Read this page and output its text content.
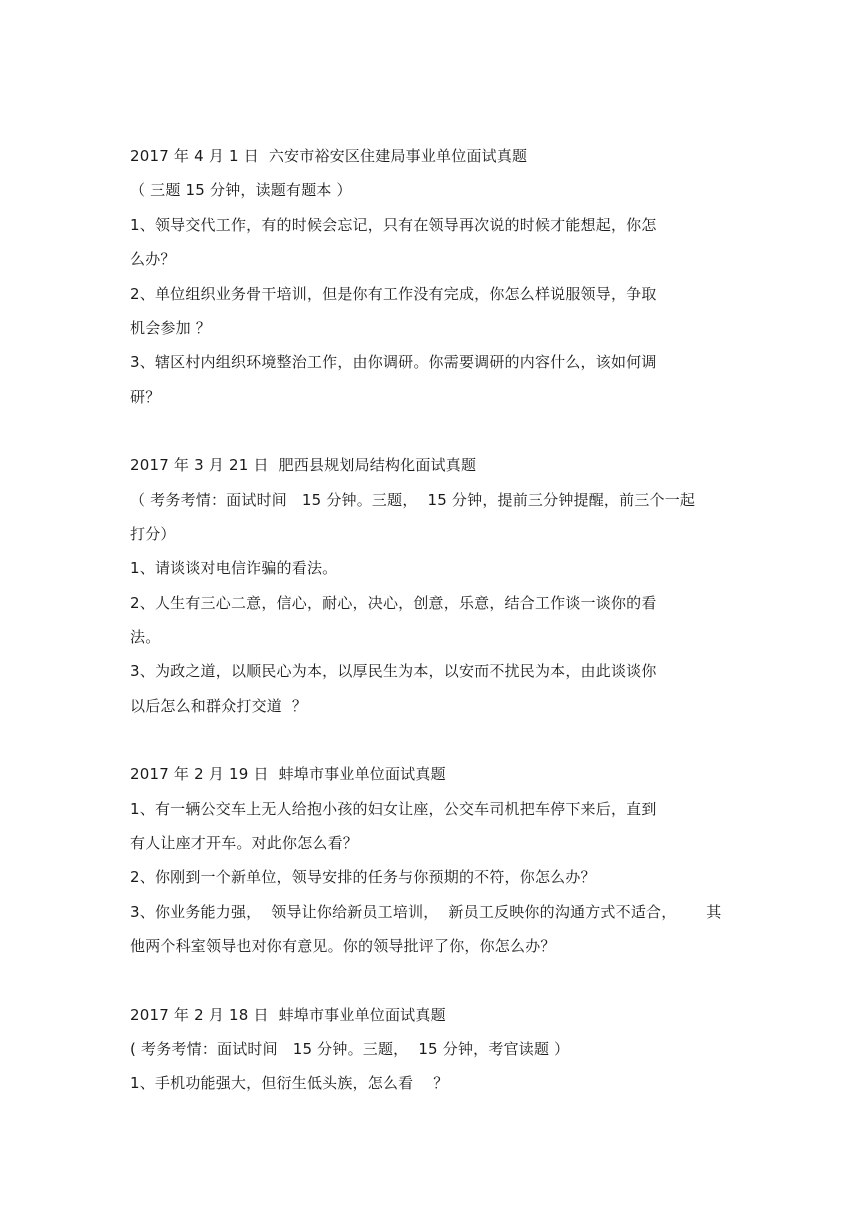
2017 年 4 月 1 日  六安市裕安区住建局事业单位面试真题
（ 三题 15 分钟，读题有题本 ）
1、领导交代工作，有的时候会忘记，只有在领导再次说的时候才能想起，你怎
么办？
2、单位组织业务骨干培训，但是你有工作没有完成，你怎么样说服领导，争取
机会参加 ？
3、辖区村内组织环境整治工作，由你调研。你需要调研的内容什么，该如何调
研？
2017 年 3 月 21 日  肥西县规划局结构化面试真题
（ 考务考情：面试时间   15 分钟。三题，  15 分钟，提前三分钟提醒，前三个一起
打分）
1、请谈谈对电信诈骗的看法。
2、人生有三心二意，信心，耐心，决心，创意，乐意，结合工作谈一谈你的看
法。
3、为政之道，以顺民心为本，以厚民生为本，以安而不扰民为本，由此谈谈你
以后怎么和群众打交道  ？
2017 年 2 月 19 日  蚌埠市事业单位面试真题
1、有一辆公交车上无人给抱小孩的妇女让座，公交车司机把车停下来后，直到
有人让座才开车。对此你怎么看？
2、你刚到一个新单位，领导安排的任务与你预期的不符，你怎么办？
3、你业务能力强，  领导让你给新员工培训，  新员工反映你的沟通方式不适合，      其
他两个科室领导也对你有意见。你的领导批评了你，你怎么办？
2017 年 2 月 18 日  蚌埠市事业单位面试真题
( 考务考情：面试时间   15 分钟。三题，  15 分钟，考官读题 ）
1、手机功能强大，但衍生低头族，怎么看    ？
